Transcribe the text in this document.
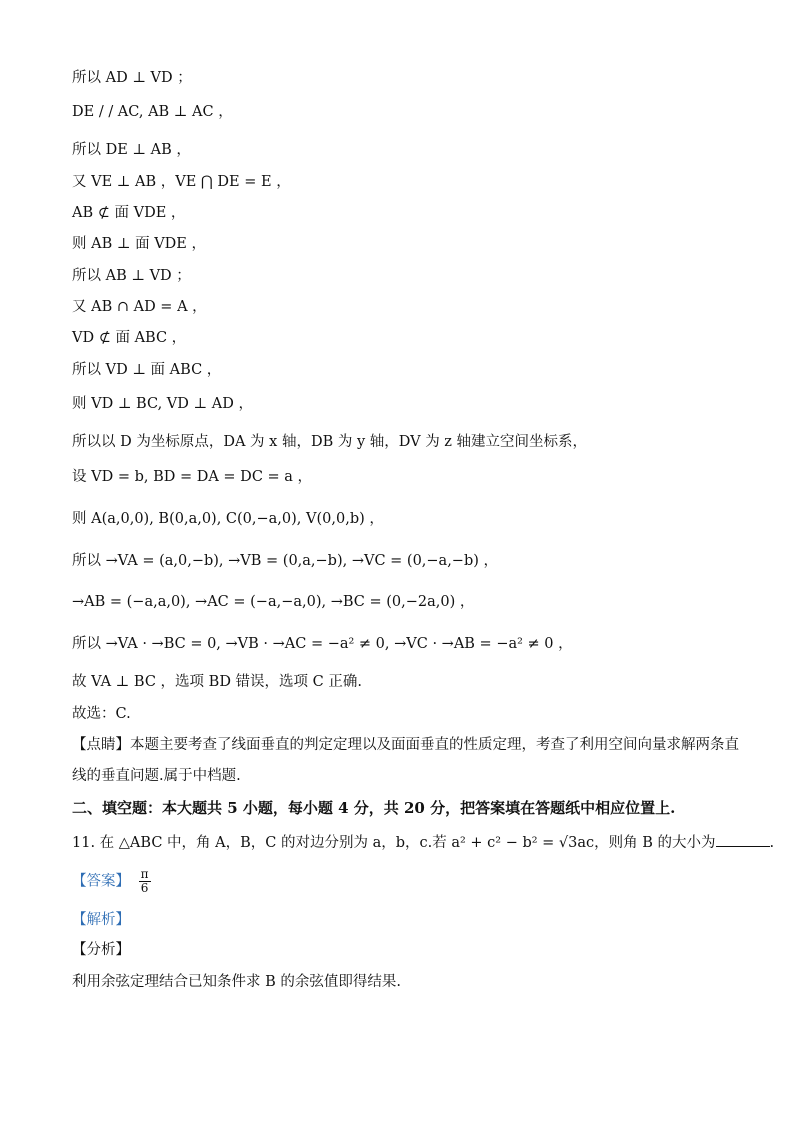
所以 AD ⊥ VD ；
DE / / AC, AB ⊥ AC ，
所以 DE ⊥ AB ，
又 VE ⊥ AB ，VE ⋂ DE = E ，
AB ⊄ 面 VDE ，
则 AB ⊥ 面 VDE ，
所以 AB ⊥ VD ；
又 AB ∩ AD = A ，
VD ⊄ 面 ABC ，
所以 VD ⊥ 面 ABC ，
则 VD ⊥ BC, VD ⊥ AD ，
所以以 D 为坐标原点，DA 为 x 轴，DB 为 y 轴，DV 为 z 轴建立空间坐标系，
设 VD = b, BD = DA = DC = a ，
则 A(a,0,0), B(0,a,0), C(0,−a,0), V(0,0,b) ，
所以 →VA = (a,0,−b), →VB = (0,a,−b), →VC = (0,−a,−b) ，
→AB = (−a,a,0), →AC = (−a,−a,0), →BC = (0,−2a,0) ，
所以 →VA · →BC = 0, →VB · →AC = −a² ≠ 0, →VC · →AB = −a² ≠ 0 ，
故 VA ⊥ BC ，选项 BD 错误，选项 C 正确.
故选：C.
【点睛】本题主要考查了线面垂直的判定定理以及面面垂直的性质定理，考查了利用空间向量求解两条直
线的垂直问题.属于中档题.
二、填空题：本大题共 5 小题，每小题 4 分，共 20 分，把答案填在答题纸中相应位置上.
11. 在 △ABC 中，角 A，B，C 的对边分别为 a，b，c.若 a² + c² − b² = √3ac，则角 B 的大小为	.
【答案】 $\frac{\pi}{6}$
【解析】
【分析】
利用余弦定理结合已知条件求 B 的余弦值即得结果.
